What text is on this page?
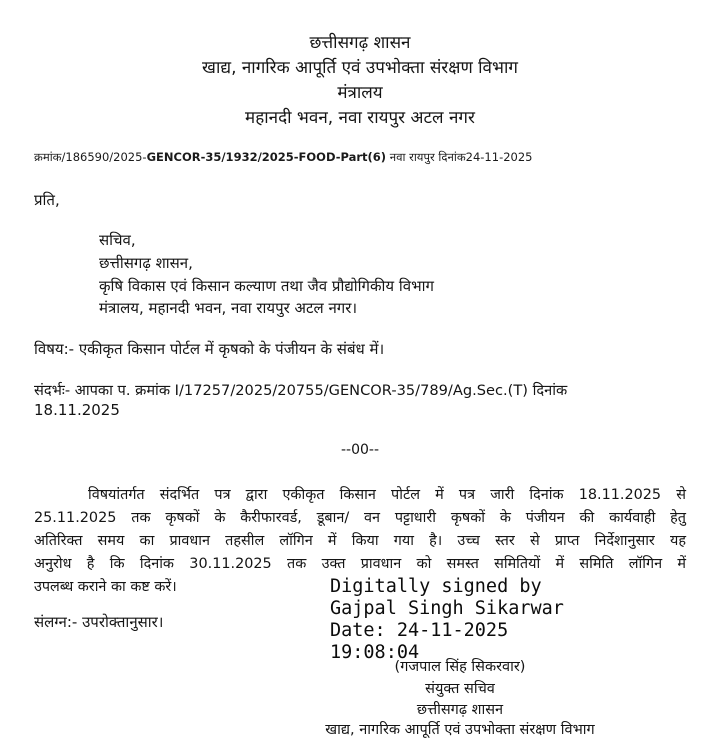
छत्तीसगढ़ शासन
खाद्य, नागरिक आपूर्ति एवं उपभोक्ता संरक्षण विभाग
मंत्रालय
महानदी भवन, नवा रायपुर अटल नगर
क्रमांक/186590/2025-GENCOR-35/1932/2025-FOOD-Part(6) नवा रायपुर दिनांक24-11-2025
प्रति,
सचिव,
छत्तीसगढ़ शासन,
कृषि विकास एवं किसान कल्याण तथा जैव प्रौद्योगिकीय विभाग
मंत्रालय, महानदी भवन, नवा रायपुर अटल नगर।
विषय:- एकीकृत किसान पोर्टल में कृषको के पंजीयन के संबंध में।
संदर्भः- आपका प. क्रमांक I/17257/2025/20755/GENCOR-35/789/Ag.Sec.(T) दिनांक
18.11.2025
--00--
विषयांतर्गत संदर्भित पत्र द्वारा एकीकृत किसान पोर्टल में पत्र जारी दिनांक 18.11.2025 से
25.11.2025 तक कृषकों के कैरीफारवर्ड, डूबान/ वन पट्टाधारी कृषकों के पंजीयन की कार्यवाही हेतु
अतिरिक्त समय का प्रावधान तहसील लॉगिन में किया गया है। उच्च स्तर से प्राप्त निर्देशानुसार यह
अनुरोध है कि दिनांक 30.11.2025 तक उक्त प्रावधान को समस्त समितियों में समिति लॉगिन में
उपलब्ध कराने का कष्ट करें।
संलग्न:- उपरोक्तानुसार।
Digitally signed by
Gajpal Singh Sikarwar
Date: 24-11-2025
19:08:04
(गजपाल सिंह सिकरवार)
संयुक्त सचिव
छत्तीसगढ़ शासन
खाद्य, नागरिक आपूर्ति एवं उपभोक्ता संरक्षण विभाग
